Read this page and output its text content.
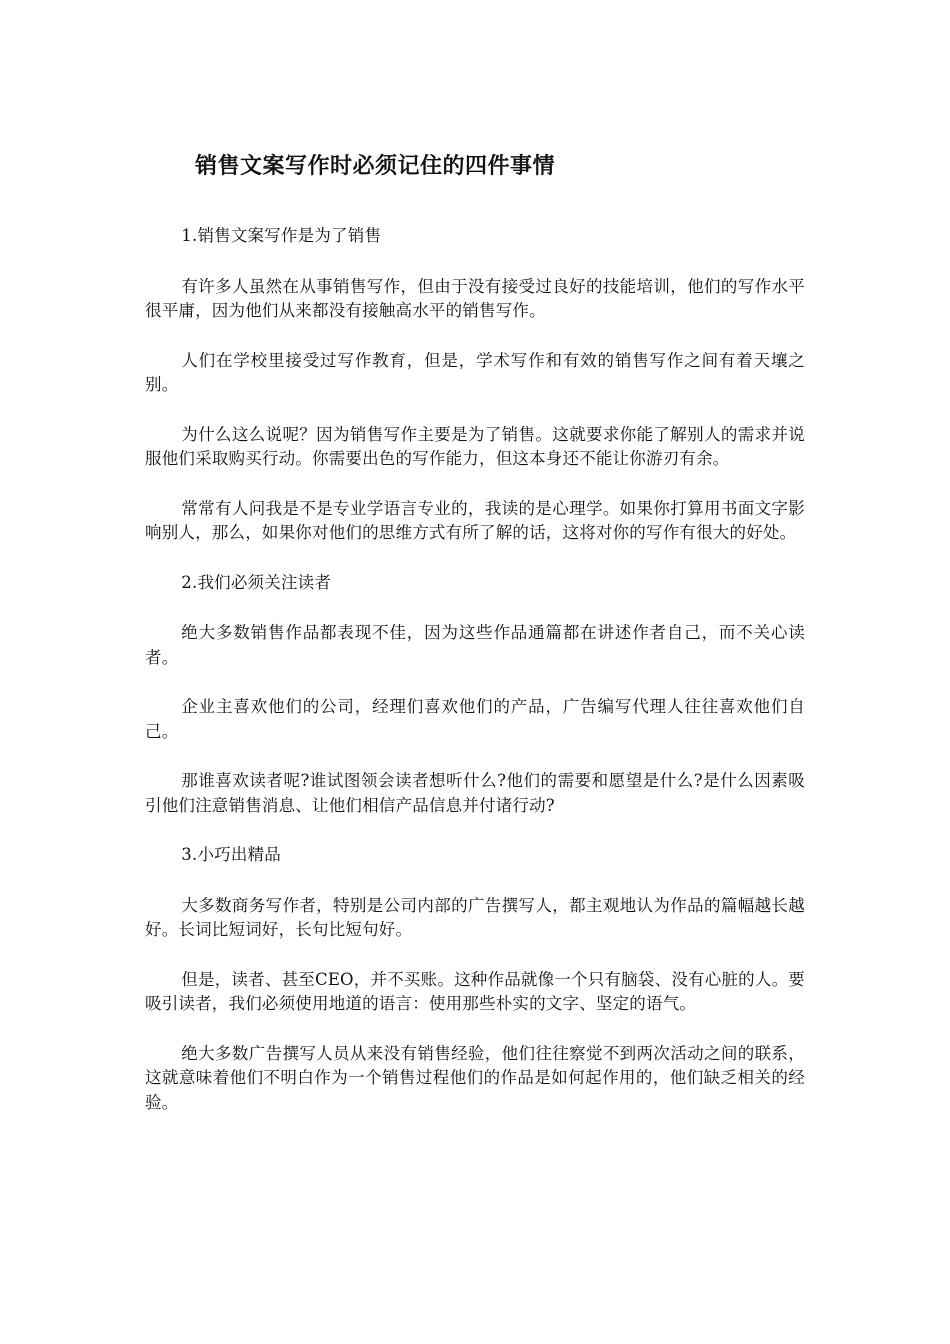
销售文案写作时必须记住的四件事情

1.销售文案写作是为了销售

有许多人虽然在从事销售写作，但由于没有接受过良好的技能培训，他们的写作水平很平庸，因为他们从来都没有接触高水平的销售写作。

人们在学校里接受过写作教育，但是，学术写作和有效的销售写作之间有着天壤之别。

为什么这么说呢？因为销售写作主要是为了销售。这就要求你能了解别人的需求并说服他们采取购买行动。你需要出色的写作能力，但这本身还不能让你游刃有余。

常常有人问我是不是专业学语言专业的，我读的是心理学。如果你打算用书面文字影响别人，那么，如果你对他们的思维方式有所了解的话，这将对你的写作有很大的好处。

2.我们必须关注读者

绝大多数销售作品都表现不佳，因为这些作品通篇都在讲述作者自己，而不关心读者。

企业主喜欢他们的公司，经理们喜欢他们的产品，广告编写代理人往往喜欢他们自己。

那谁喜欢读者呢?谁试图领会读者想听什么?他们的需要和愿望是什么?是什么因素吸引他们注意销售消息、让他们相信产品信息并付诸行动?

3.小巧出精品

大多数商务写作者，特别是公司内部的广告撰写人，都主观地认为作品的篇幅越长越好。长词比短词好，长句比短句好。

但是，读者、甚至CEO，并不买账。这种作品就像一个只有脑袋、没有心脏的人。要吸引读者，我们必须使用地道的语言：使用那些朴实的文字、坚定的语气。

绝大多数广告撰写人员从来没有销售经验，他们往往察觉不到两次活动之间的联系，这就意味着他们不明白作为一个销售过程他们的作品是如何起作用的，他们缺乏相关的经验。
